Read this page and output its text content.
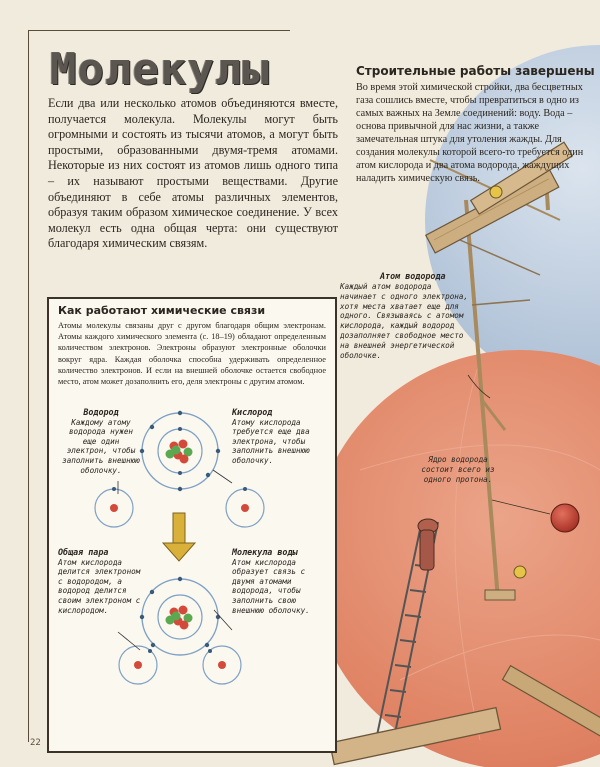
Молекулы
Если два или несколько атомов объединяются вместе, получается молекула. Молекулы могут быть огромными и состоять из тысячи атомов, а могут быть простыми, образованными двумя-тремя атомами. Некоторые из них состоят из атомов лишь одного типа – их называют простыми веществами. Другие объединяют в себе атомы различных элементов, образуя таким образом химическое соединение. У всех молекул есть одна общая черта: они существуют благодаря химическим связям.
Строительные работы завершены
Во время этой химической стройки, два бесцветных газа сошлись вместе, чтобы превратиться в одно из самых важных на Земле соединений: воду. Вода – основа привычной для нас жизни, а также замечательная штука для утоления жажды. Для создания молекулы которой всего-то требуется один атом кислорода и два атома водорода, жаждущих наладить химическую связь.
Атом водорода
Каждый атом водорода начинает с одного электрона, хотя места хватает еще для одного. Связываясь с атомом кислорода, каждый водород дозаполняет свободное место на внешней энергетической оболочке.
Ядро водорода состоит всего из одного протона.
Как работают химические связи
Атомы молекулы связаны друг с другом благодаря общим электронам. Атомы каждого химического элемента (с. 18–19) обладают определенным количеством электронов. Электроны образуют электронные оболочки вокруг ядра. Каждая оболочка способна удерживать определенное количество электронов. И если на внешней оболочке остается свободное место, атом может дозаполнить его, деля электроны с другим атомом.
Водород
Каждому атому водорода нужен еще один электрон, чтобы заполнить внешнюю оболочку.
Кислород
Атому кислорода требуется еще два электрона, чтобы заполнить внешнюю оболочку.
Общая пара
Атом кислорода делится электроном с водородом, а водород делится своим электроном с кислородом.
Молекула воды
Атом кислорода образует связь с двумя атомами водорода, чтобы заполнить свою внешнюю оболочку.
22
